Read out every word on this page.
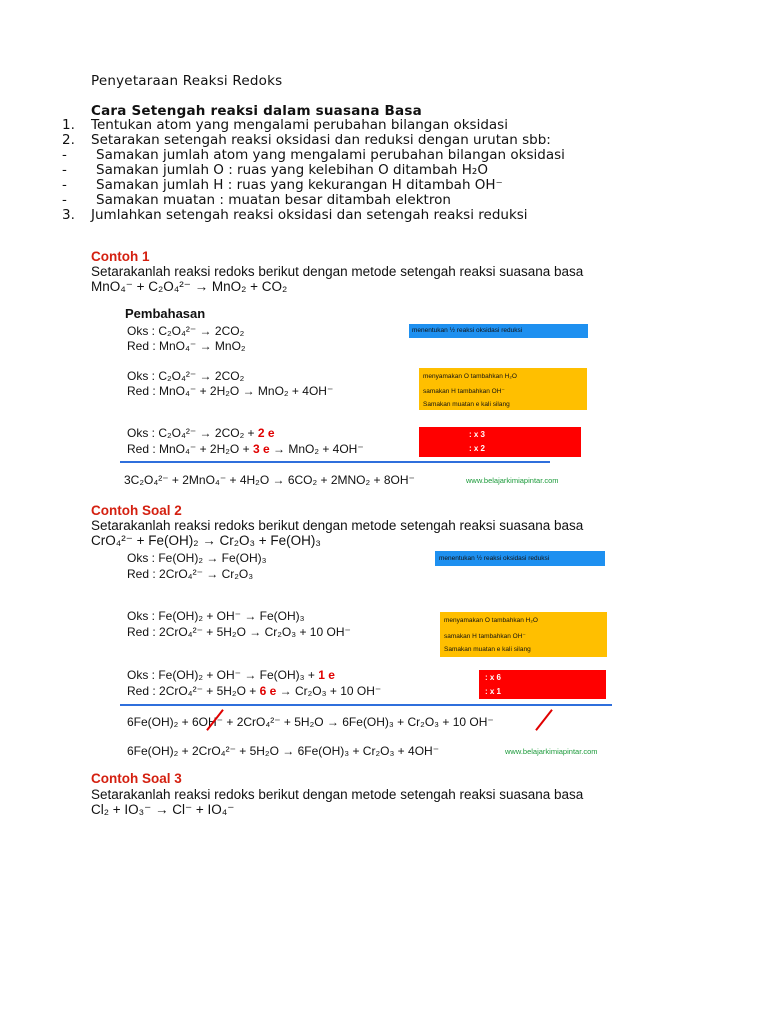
Penyetaraan Reaksi Redoks
Cara Setengah reaksi dalam suasana Basa
1. Tentukan atom yang mengalami perubahan bilangan oksidasi
2. Setarakan setengah reaksi oksidasi dan reduksi dengan urutan sbb:
- Samakan jumlah atom yang mengalami perubahan bilangan oksidasi
- Samakan jumlah O : ruas yang kelebihan O ditambah H₂O
- Samakan jumlah H : ruas yang kekurangan H ditambah OH⁻
- Samakan muatan : muatan besar ditambah elektron
3. Jumlahkan setengah reaksi oksidasi dan setengah reaksi reduksi
Contoh 1
Setarakanlah reaksi redoks berikut dengan metode setengah reaksi suasana basa
MnO₄⁻ + C₂O₄²⁻ → MnO₂ + CO₂
Pembahasan
Oks : C₂O₄²⁻ → 2CO₂
Red : MnO₄⁻ → MnO₂
menentukan ½ reaksi oksidasi reduksi
Oks : C₂O₄²⁻ → 2CO₂
Red : MnO₄⁻ + 2H₂O → MnO₂ + 4OH⁻
menyamakan O tambahkan H₂O
samakan H tambahkan OH⁻
Samakan muatan e kali silang
Oks : C₂O₄²⁻ → 2CO₂ + 2 e
Red : MnO₄⁻ + 2H₂O + 3 e → MnO₂ + 4OH⁻
: x 3
: x 2
3C₂O₄²⁻ + 2MnO₄⁻ + 4H₂O → 6CO₂ + 2MNO₂ + 8OH⁻	www.belajarkimiapintar.com
Contoh Soal 2
Setarakanlah reaksi redoks berikut dengan metode setengah reaksi suasana basa
CrO₄²⁻ + Fe(OH)₂ → Cr₂O₃ + Fe(OH)₃
Oks : Fe(OH)₂ → Fe(OH)₃
Red : 2CrO₄²⁻ → Cr₂O₃
menentukan ½ reaksi oksidasi reduksi
Oks : Fe(OH)₂ + OH⁻ → Fe(OH)₃
Red : 2CrO₄²⁻ + 5H₂O → Cr₂O₃ + 10 OH⁻
menyamakan O tambahkan H₂O
samakan H tambahkan OH⁻
Samakan muatan e kali silang
Oks : Fe(OH)₂ + OH⁻ → Fe(OH)₃ + 1 e
Red : 2CrO₄²⁻ + 5H₂O + 6 e → Cr₂O₃ + 10 OH⁻
: x 6
: x 1
6Fe(OH)₂ + 6OH⁻ + 2CrO₄²⁻ + 5H₂O → 6Fe(OH)₃ + Cr₂O₃ + 10 OH⁻
6Fe(OH)₂ + 2CrO₄²⁻ + 5H₂O → 6Fe(OH)₃ + Cr₂O₃ + 4OH⁻	www.belajarkimiapintar.com
Contoh Soal 3
Setarakanlah reaksi redoks berikut dengan metode setengah reaksi suasana basa
Cl₂ + IO₃⁻ → Cl⁻ + IO₄⁻
